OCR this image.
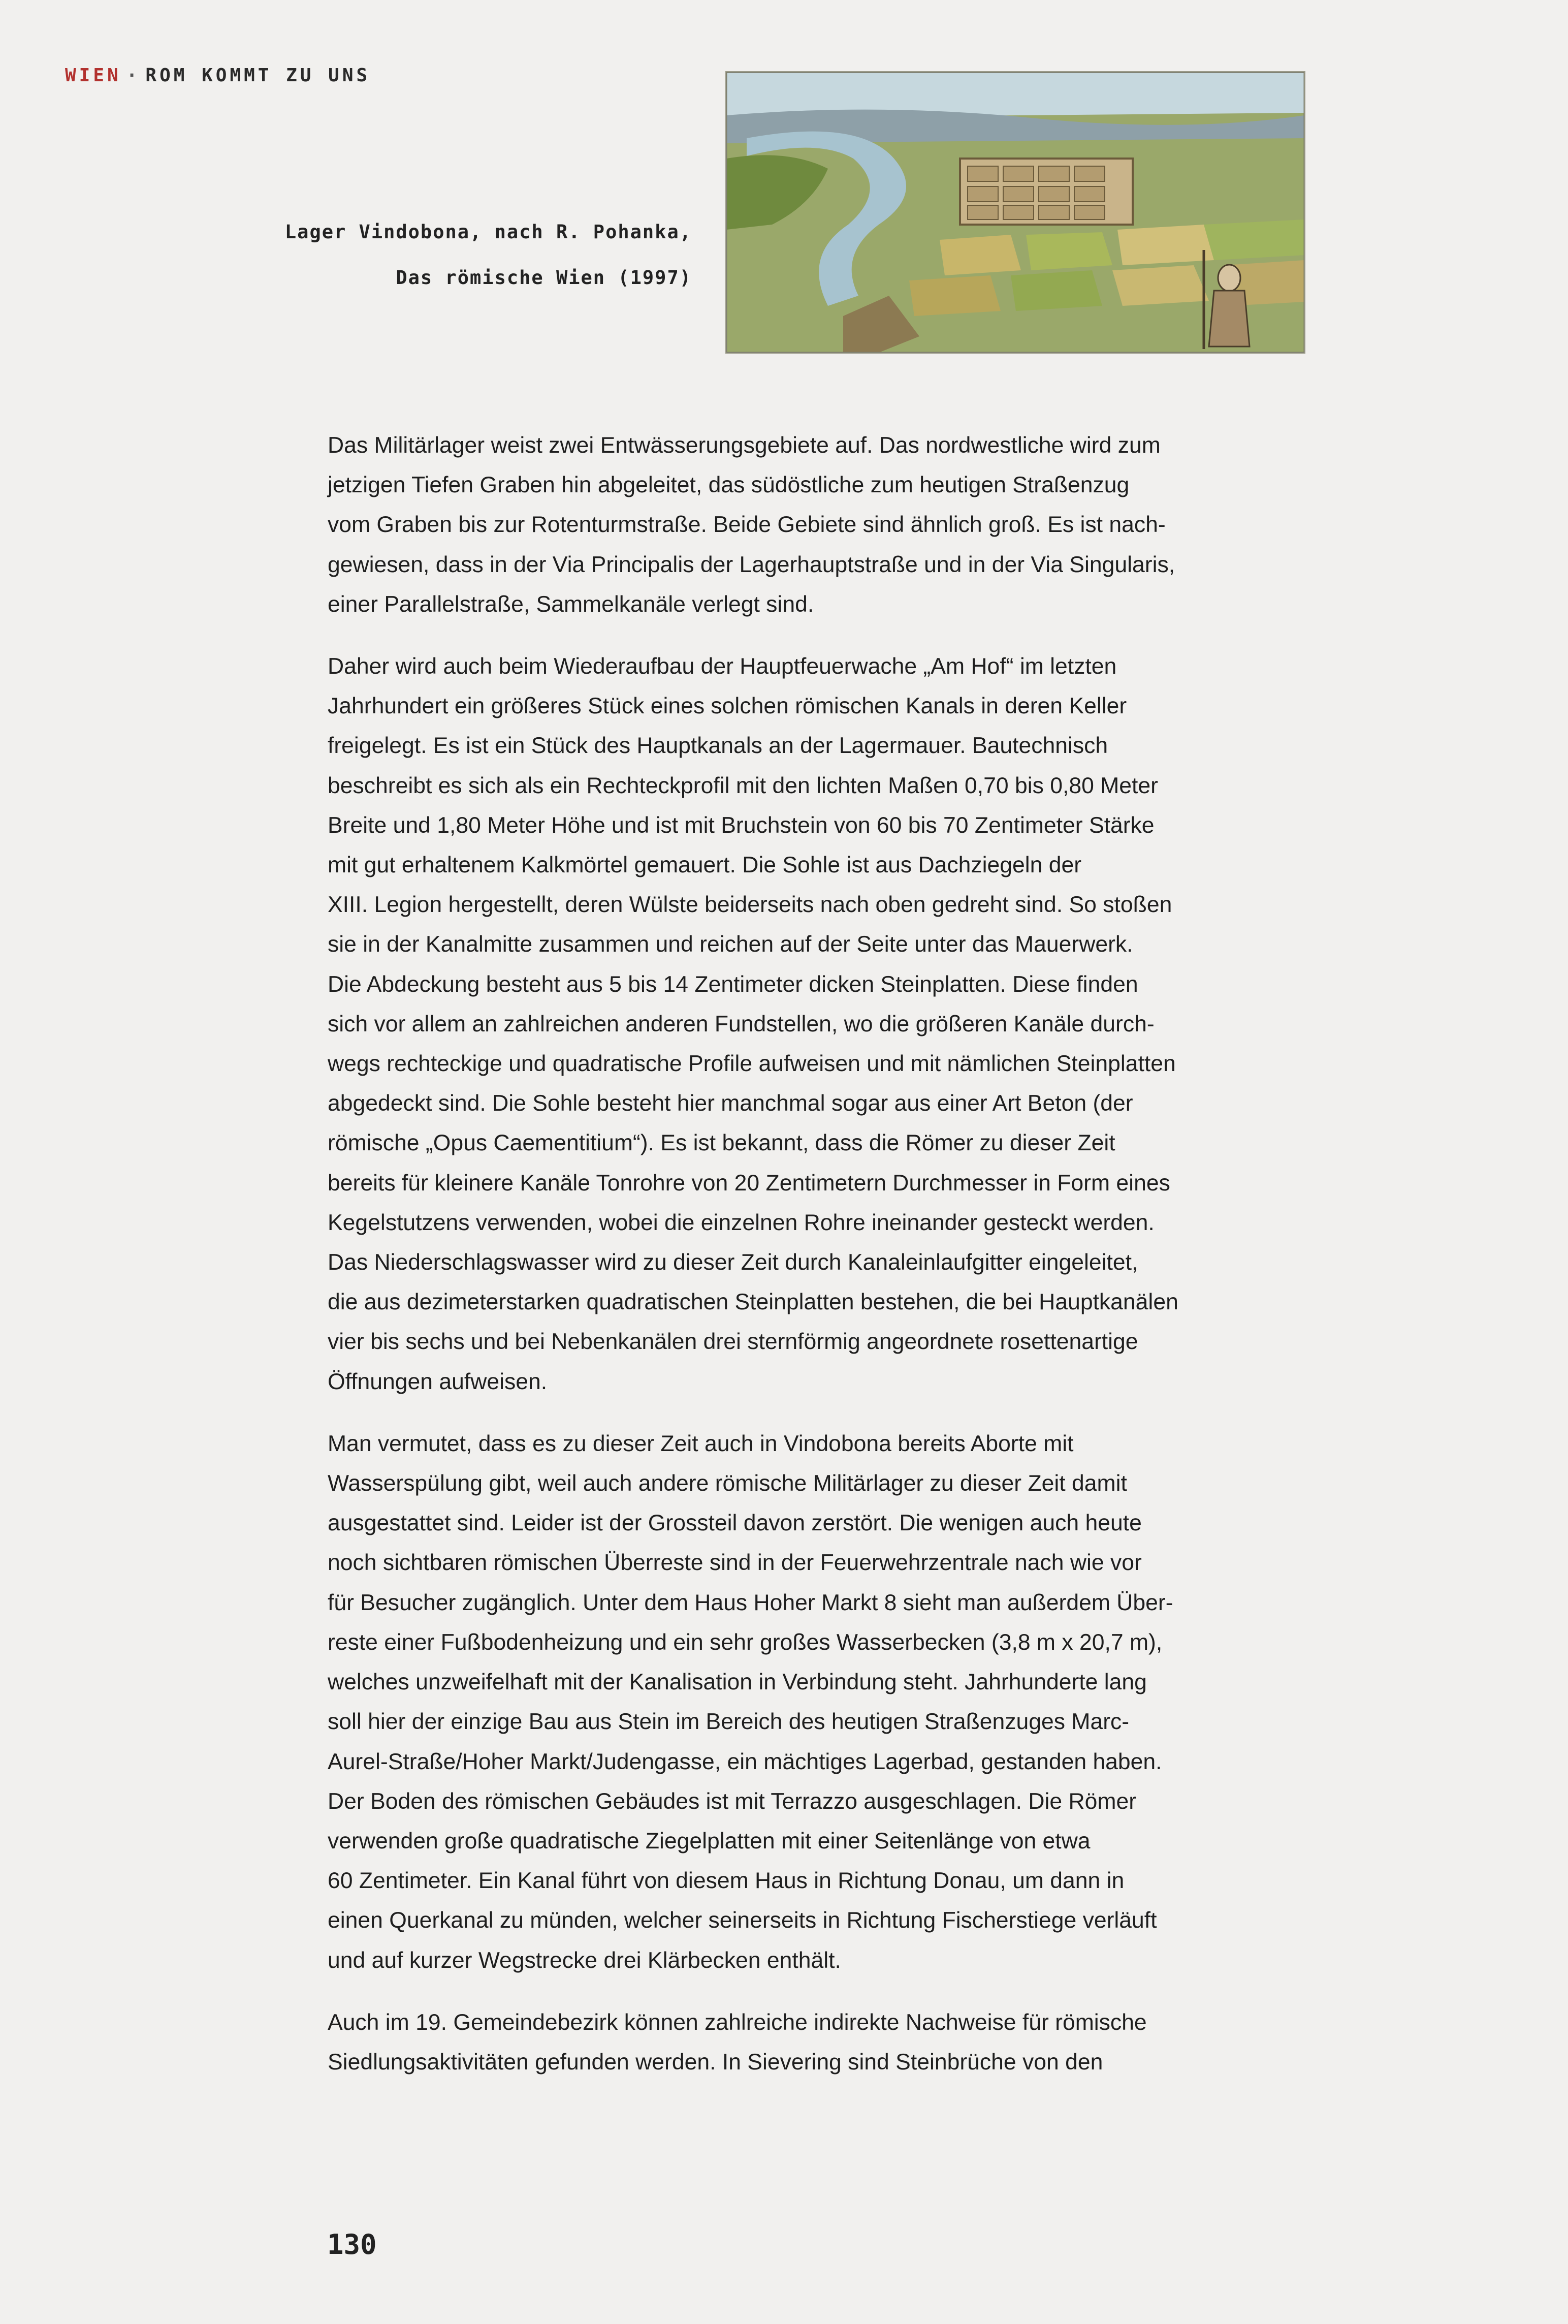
WIEN · ROM KOMMT ZU UNS
Lager Vindobona, nach R. Pohanka,
Das römische Wien (1997)

Das Militärlager weist zwei Entwässerungsgebiete auf. Das nordwestliche wird zum
jetzigen Tiefen Graben hin abgeleitet, das südöstliche zum heutigen Straßenzug
vom Graben bis zur Rotenturmstraße. Beide Gebiete sind ähnlich groß. Es ist nach-
gewiesen, dass in der Via Principalis der Lagerhauptstraße und in der Via Singularis,
einer Parallelstraße, Sammelkanäle verlegt sind.

Daher wird auch beim Wiederaufbau der Hauptfeuerwache „Am Hof“ im letzten
Jahrhundert ein größeres Stück eines solchen römischen Kanals in deren Keller
freigelegt. Es ist ein Stück des Hauptkanals an der Lagermauer. Bautechnisch
beschreibt es sich als ein Rechteckprofil mit den lichten Maßen 0,70 bis 0,80 Meter
Breite und 1,80 Meter Höhe und ist mit Bruchstein von 60 bis 70 Zentimeter Stärke
mit gut erhaltenem Kalkmörtel gemauert. Die Sohle ist aus Dachziegeln der
XIII. Legion hergestellt, deren Wülste beiderseits nach oben gedreht sind. So stoßen
sie in der Kanalmitte zusammen und reichen auf der Seite unter das Mauerwerk.
Die Abdeckung besteht aus 5 bis 14 Zentimeter dicken Steinplatten. Diese finden
sich vor allem an zahlreichen anderen Fundstellen, wo die größeren Kanäle durch-
wegs rechteckige und quadratische Profile aufweisen und mit nämlichen Steinplatten
abgedeckt sind. Die Sohle besteht hier manchmal sogar aus einer Art Beton (der
römische „Opus Caementitium“). Es ist bekannt, dass die Römer zu dieser Zeit
bereits für kleinere Kanäle Tonrohre von 20 Zentimetern Durchmesser in Form eines
Kegelstutzens verwenden, wobei die einzelnen Rohre ineinander gesteckt werden.
Das Niederschlagswasser wird zu dieser Zeit durch Kanaleinlaufgitter eingeleitet,
die aus dezimeterstarken quadratischen Steinplatten bestehen, die bei Hauptkanälen
vier bis sechs und bei Nebenkanälen drei sternförmig angeordnete rosettenartige
Öffnungen aufweisen.

Man vermutet, dass es zu dieser Zeit auch in Vindobona bereits Aborte mit
Wasserspülung gibt, weil auch andere römische Militärlager zu dieser Zeit damit
ausgestattet sind. Leider ist der Grossteil davon zerstört. Die wenigen auch heute
noch sichtbaren römischen Überreste sind in der Feuerwehrzentrale nach wie vor
für Besucher zugänglich. Unter dem Haus Hoher Markt 8 sieht man außerdem Über-
reste einer Fußbodenheizung und ein sehr großes Wasserbecken (3,8 m x 20,7 m),
welches unzweifelhaft mit der Kanalisation in Verbindung steht. Jahrhunderte lang
soll hier der einzige Bau aus Stein im Bereich des heutigen Straßenzuges Marc-
Aurel-Straße/Hoher Markt/Judengasse, ein mächtiges Lagerbad, gestanden haben.
Der Boden des römischen Gebäudes ist mit Terrazzo ausgeschlagen. Die Römer
verwenden große quadratische Ziegelplatten mit einer Seitenlänge von etwa
60 Zentimeter. Ein Kanal führt von diesem Haus in Richtung Donau, um dann in
einen Querkanal zu münden, welcher seinerseits in Richtung Fischerstiege verläuft
und auf kurzer Wegstrecke drei Klärbecken enthält.

Auch im 19. Gemeindebezirk können zahlreiche indirekte Nachweise für römische
Siedlungsaktivitäten gefunden werden. In Sievering sind Steinbrüche von den

130
